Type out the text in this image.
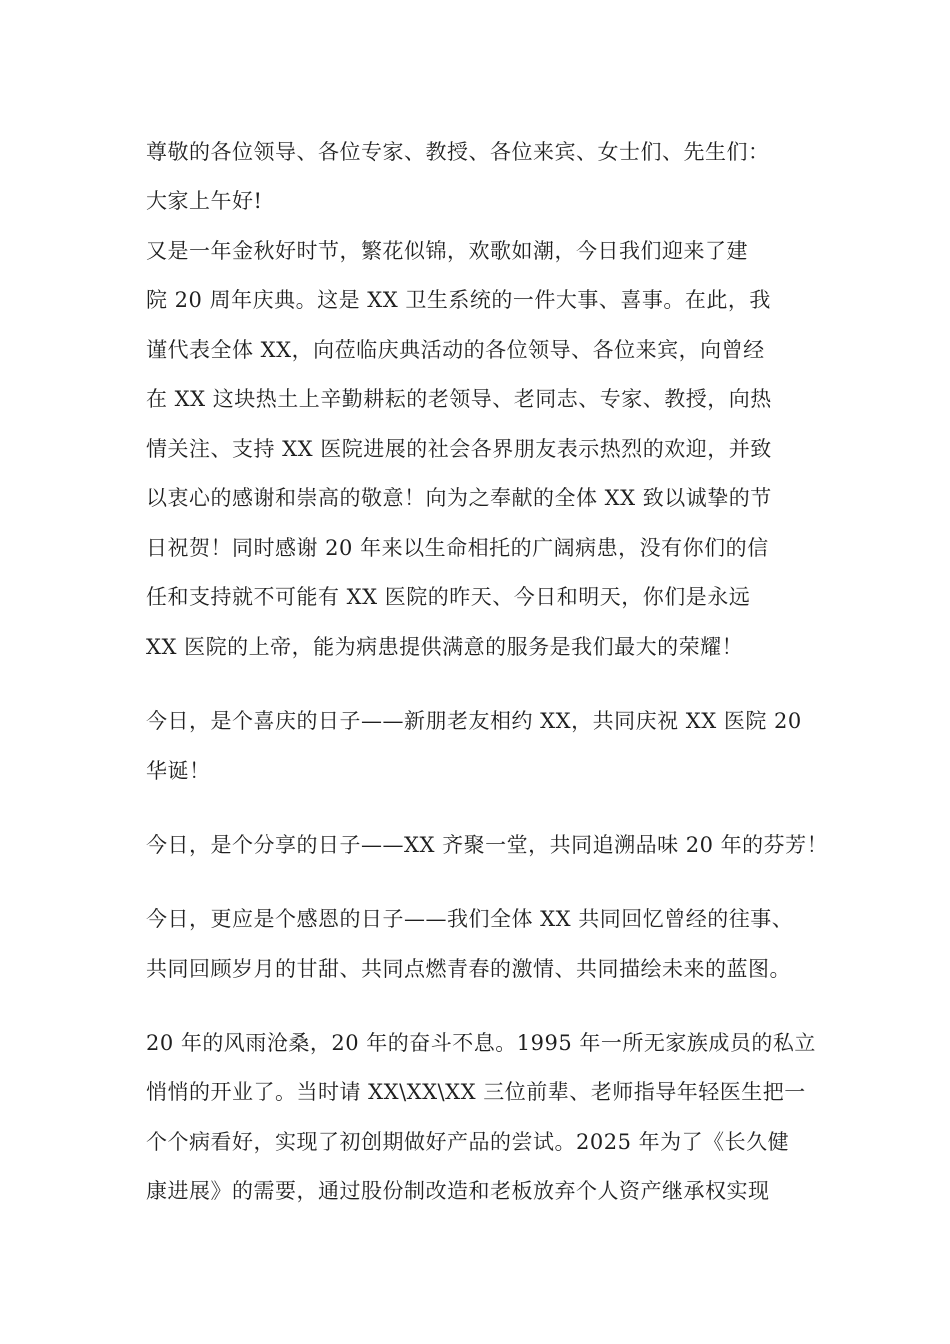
尊敬的各位领导、各位专家、教授、各位来宾、女士们、先生们：
大家上午好!
又是一年金秋好时节，繁花似锦，欢歌如潮，今日我们迎来了建
院 20 周年庆典。这是 XX 卫生系统的一件大事、喜事。在此，我
谨代表全体 XX，向莅临庆典活动的各位领导、各位来宾，向曾经
在 XX 这块热土上辛勤耕耘的老领导、老同志、专家、教授，向热
情关注、支持 XX 医院进展的社会各界朋友表示热烈的欢迎，并致
以衷心的感谢和崇高的敬意！向为之奉献的全体 XX 致以诚挚的节
日祝贺！同时感谢 20 年来以生命相托的广阔病患，没有你们的信
任和支持就不可能有 XX 医院的昨天、今日和明天，你们是永远
XX 医院的上帝，能为病患提供满意的服务是我们最大的荣耀！
今日，是个喜庆的日子——新朋老友相约 XX，共同庆祝 XX 医院 20
华诞！
今日，是个分享的日子——XX 齐聚一堂，共同追溯品味 20 年的芬芳！
今日，更应是个感恩的日子——我们全体 XX 共同回忆曾经的往事、
共同回顾岁月的甘甜、共同点燃青春的激情、共同描绘未来的蓝图。
20 年的风雨沧桑，20 年的奋斗不息。1995 年一所无家族成员的私立
悄悄的开业了。当时请 XX\XX\XX 三位前辈、老师指导年轻医生把一
个个病看好，实现了初创期做好产品的尝试。2025 年为了《长久健
康进展》的需要，通过股份制改造和老板放弃个人资产继承权实现
